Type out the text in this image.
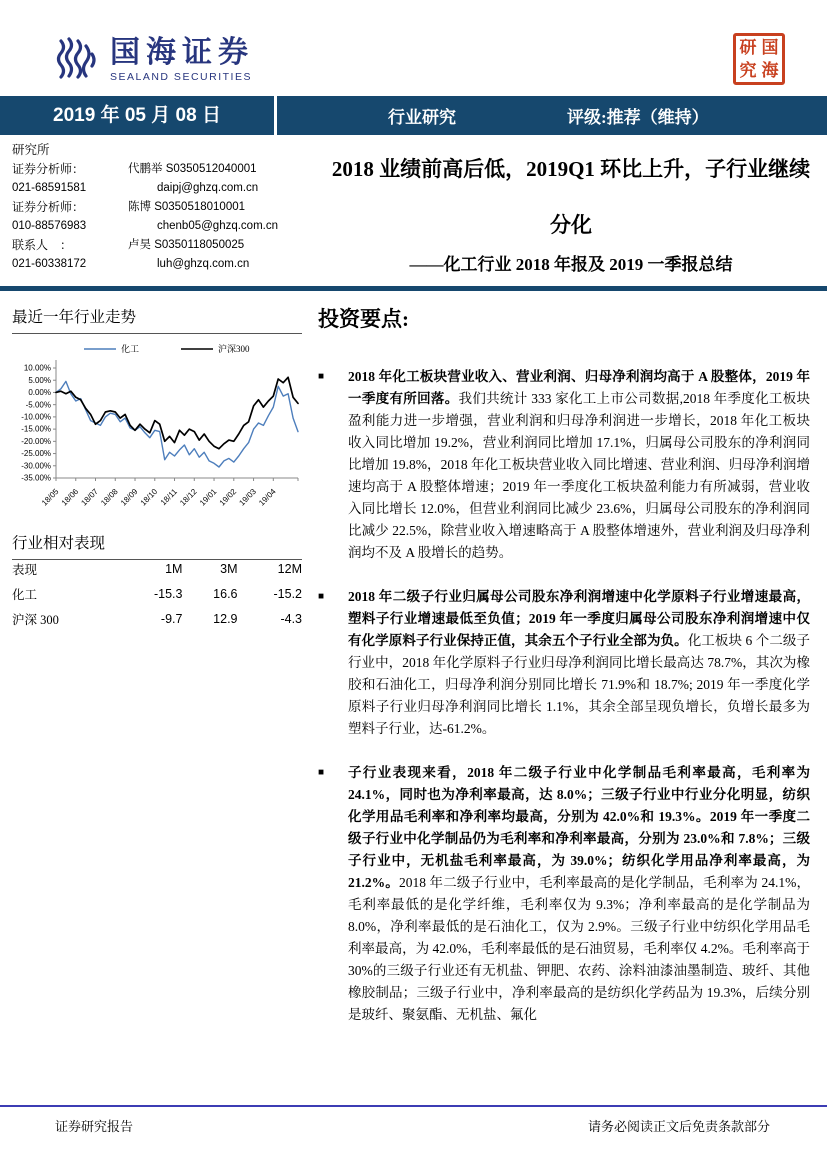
国海证券
SEALAND SECURITIES
研 国
究 海
2019 年 05 月 08 日	行业研究	评级:推荐（维持）
研究所
证券分析师：	代鹏举 S0350512040001
021-68591581	daipj@ghzq.com.cn
证券分析师：	陈博 S0350518010001
010-88576983	chenb05@ghzq.com.cn
联系人　：	卢昊 S0350118050025
021-60338172	luh@ghzq.com.cn
2018 业绩前高后低，2019Q1 环比上升，子行业继续分化
——化工行业 2018 年报及 2019 一季报总结
最近一年行业走势
10.00%
5.00%
0.00%
-5.00%
-10.00%
-15.00%
-20.00%
-25.00%
-30.00%
-35.00%
18/05 18/06 18/07 18/08 18/09 18/10 18/11 18/12 19/01 19/02 19/03 19/04
化工	沪深300
行业相对表现
表现	1M	3M	12M
化工	-15.3	16.6	-15.2
沪深 300	-9.7	12.9	-4.3
投资要点:
■	2018 年化工板块营业收入、营业利润、归母净利润均高于 A 股整体，2019 年一季度有所回落。我们共统计 333 家化工上市公司数据,2018 年季度化工板块盈利能力进一步增强，营业利润和归母净利润进一步增长，2018 年化工板块收入同比增加 19.2%，营业利润同比增加 17.1%，归属母公司股东的净利润同比增加 19.8%，2018 年化工板块营业收入同比增速、营业利润、归母净利润增速均高于 A 股整体增速；2019 年一季度化工板块盈利能力有所减弱，营业收入同比增长 12.0%，但营业利润同比减少 23.6%，归属母公司股东的净利润同比减少 22.5%，除营业收入增速略高于 A 股整体增速外，营业利润及归母净利润均不及 A 股增长的趋势。

■	2018 年二级子行业归属母公司股东净利润增速中化学原料子行业增速最高，塑料子行业增速最低至负值；2019 年一季度归属母公司股东净利润增速中仅有化学原料子行业保持正值，其余五个子行业全部为负。化工板块 6 个二级子行业中，2018 年化学原料子行业归母净利润同比增长最高达 78.7%，其次为橡胶和石油化工，归母净利润分别同比增长 71.9%和 18.7%; 2019 年一季度化学原料子行业归母净利润同比增长 1.1%，其余全部呈现负增长，负增长最多为塑料子行业，达-61.2%。

■	子行业表现来看，2018 年二级子行业中化学制品毛利率最高，毛利率为 24.1%，同时也为净利率最高，达 8.0%；三级子行业中行业分化明显，纺织化学用品毛利率和净利率均最高，分别为 42.0%和 19.3%。2019 年一季度二级子行业中化学制品仍为毛利率和净利率最高，分别为 23.0%和 7.8%；三级子行业中，无机盐毛利率最高，为 39.0%；纺织化学用品净利率最高，为 21.2%。2018 年二级子行业中，毛利率最高的是化学制品，毛利率为 24.1%，毛利率最低的是化学纤维，毛利率仅为 9.3%；净利率最高的是化学制品为 8.0%，净利率最低的是石油化工，仅为 2.9%。三级子行业中纺织化学用品毛利率最高，为 42.0%，毛利率最低的是石油贸易，毛利率仅 4.2%。毛利率高于 30%的三级子行业还有无机盐、钾肥、农药、涂料油漆油墨制造、玻纤、其他橡胶制品；三级子行业中，净利率最高的是纺织化学药品为 19.3%，后续分别是玻纤、聚氨酯、无机盐、氟化

证券研究报告	请务必阅读正文后免责条款部分
